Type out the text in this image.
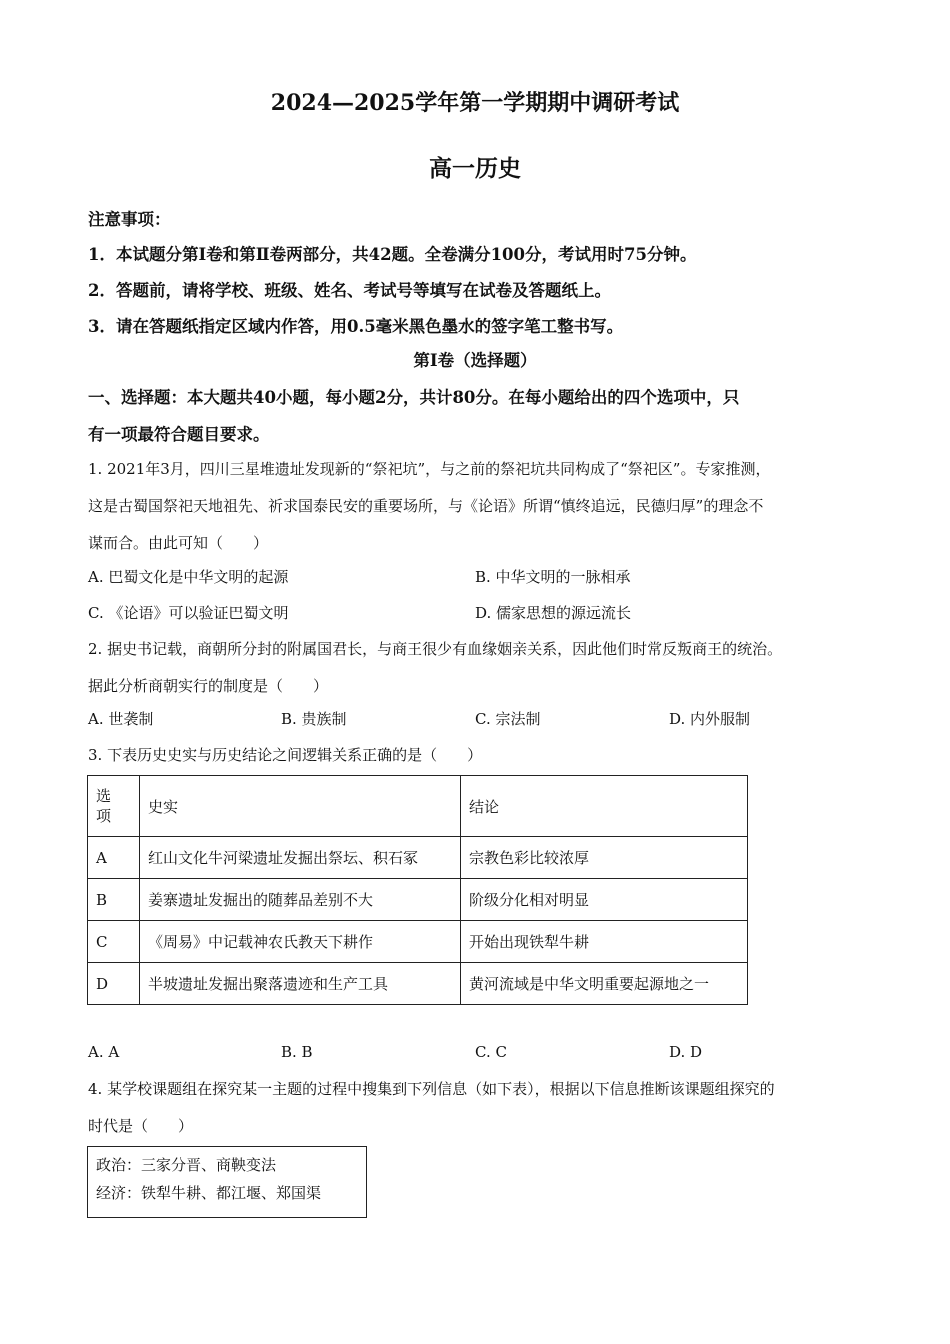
2024—2025学年第一学期期中调研考试
高一历史
注意事项：
1．本试题分第Ⅰ卷和第Ⅱ卷两部分，共42题。全卷满分100分，考试用时75分钟。
2．答题前，请将学校、班级、姓名、考试号等填写在试卷及答题纸上。
3．请在答题纸指定区域内作答，用0.5毫米黑色墨水的签字笔工整书写。
第Ⅰ卷（选择题）
一、选择题：本大题共40小题，每小题2分，共计80分。在每小题给出的四个选项中，只
有一项最符合题目要求。
1. 2021年3月，四川三星堆遗址发现新的“祭祀坑”，与之前的祭祀坑共同构成了“祭祀区”。专家推测，
这是古蜀国祭祀天地祖先、祈求国泰民安的重要场所，与《论语》所谓“慎终追远，民德归厚”的理念不
谋而合。由此可知（　　）
A. 巴蜀文化是中华文明的起源	B. 中华文明的一脉相承
C. 《论语》可以验证巴蜀文明	D. 儒家思想的源远流长
2. 据史书记载，商朝所分封的附属国君长，与商王很少有血缘姻亲关系，因此他们时常反叛商王的统治。
据此分析商朝实行的制度是（　　）
A. 世袭制	B. 贵族制	C. 宗法制	D. 内外服制
3. 下表历史史实与历史结论之间逻辑关系正确的是（　　）
选
项	史实	结论
A	红山文化牛河梁遗址发掘出祭坛、积石冢	宗教色彩比较浓厚
B	姜寨遗址发掘出的随葬品差别不大	阶级分化相对明显
C	《周易》中记载神农氏教天下耕作	开始出现铁犁牛耕
D	半坡遗址发掘出聚落遗迹和生产工具	黄河流域是中华文明重要起源地之一
A. A	B. B	C. C	D. D
4. 某学校课题组在探究某一主题的过程中搜集到下列信息（如下表），根据以下信息推断该课题组探究的
时代是（　　）
政治：三家分晋、商鞅变法
经济：铁犁牛耕、都江堰、郑国渠
